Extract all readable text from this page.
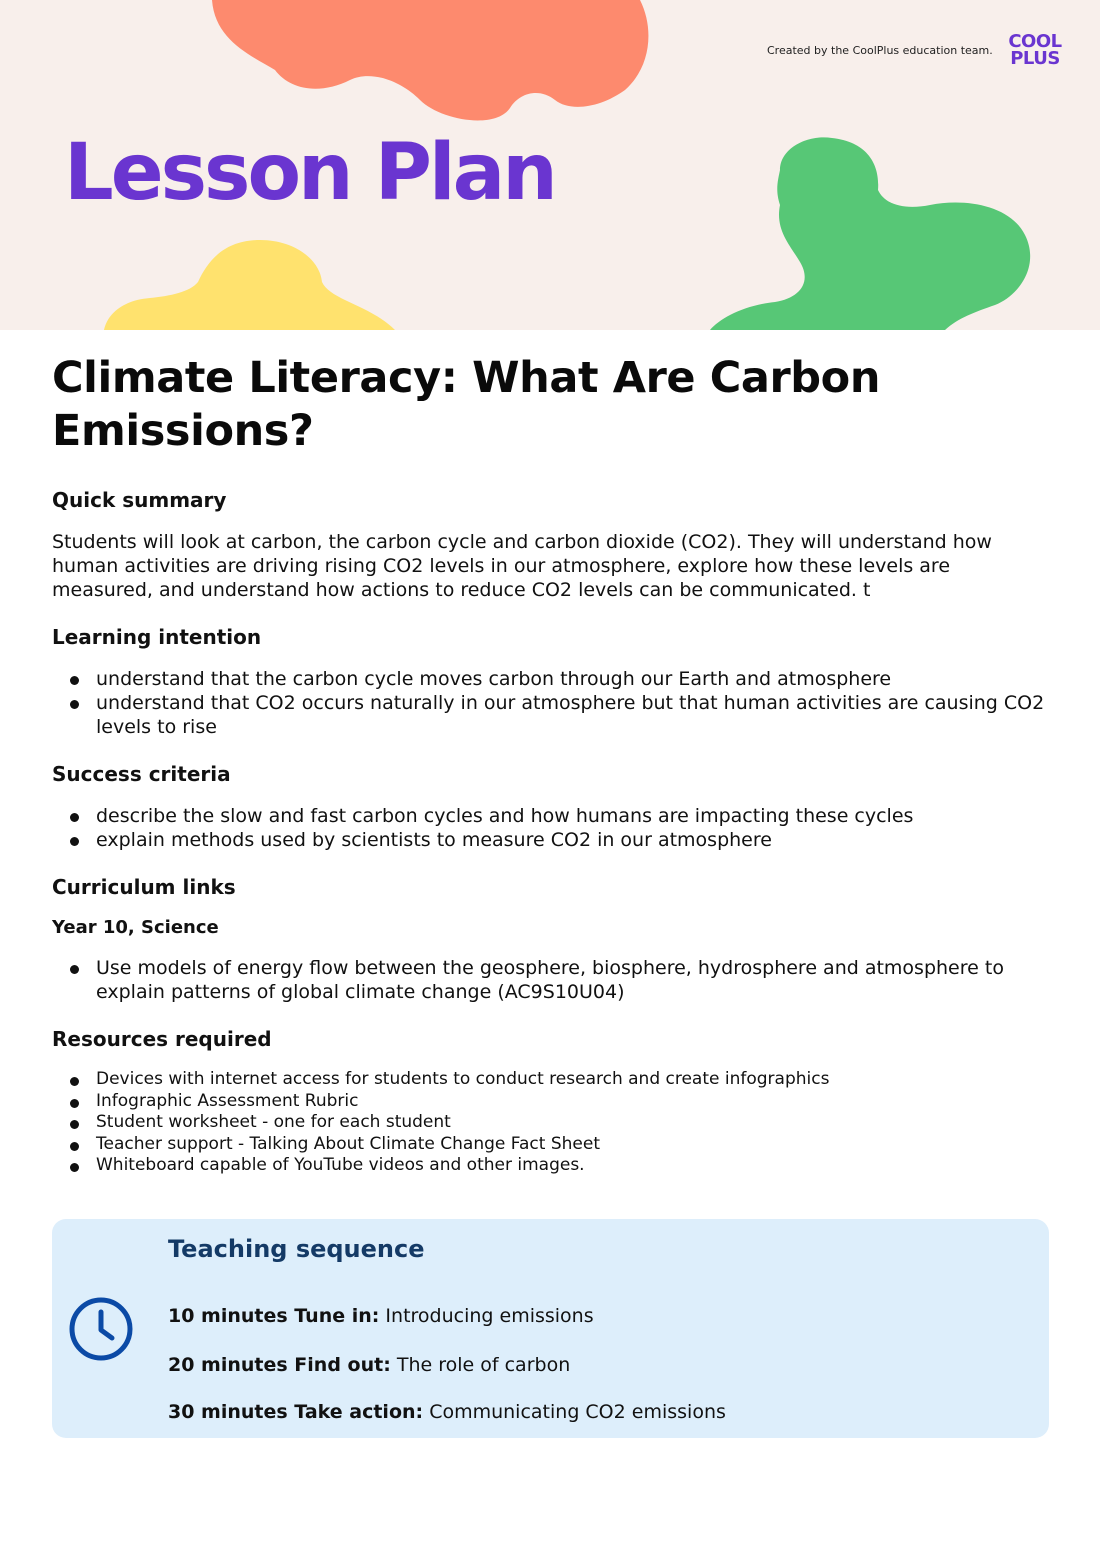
Created by the CoolPlus education team. COOL
PLUS
Lesson Plan
Climate Literacy: What Are Carbon Emissions?
Quick summary

Students will look at carbon, the carbon cycle and carbon dioxide (CO2). They will understand how human activities are driving rising CO2 levels in our atmosphere, explore how these levels are measured, and understand how actions to reduce CO2 levels can be communicated. t

Learning intention
understand that the carbon cycle moves carbon through our Earth and atmosphere
understand that CO2 occurs naturally in our atmosphere but that human activities are causing CO2 levels to rise
Success criteria
describe the slow and fast carbon cycles and how humans are impacting these cycles
explain methods used by scientists to measure CO2 in our atmosphere
Curriculum links
Year 10, Science
Use models of energy flow between the geosphere, biosphere, hydrosphere and atmosphere to explain patterns of global climate change (AC9S10U04)
Resources required
Devices with internet access for students to conduct research and create infographics
Infographic Assessment Rubric
Student worksheet - one for each student
Teacher support - Talking About Climate Change Fact Sheet
Whiteboard capable of YouTube videos and other images.
Teaching sequence
10 minutes Tune in: Introducing emissions
20 minutes Find out: The role of carbon
30 minutes Take action: Communicating CO2 emissions
